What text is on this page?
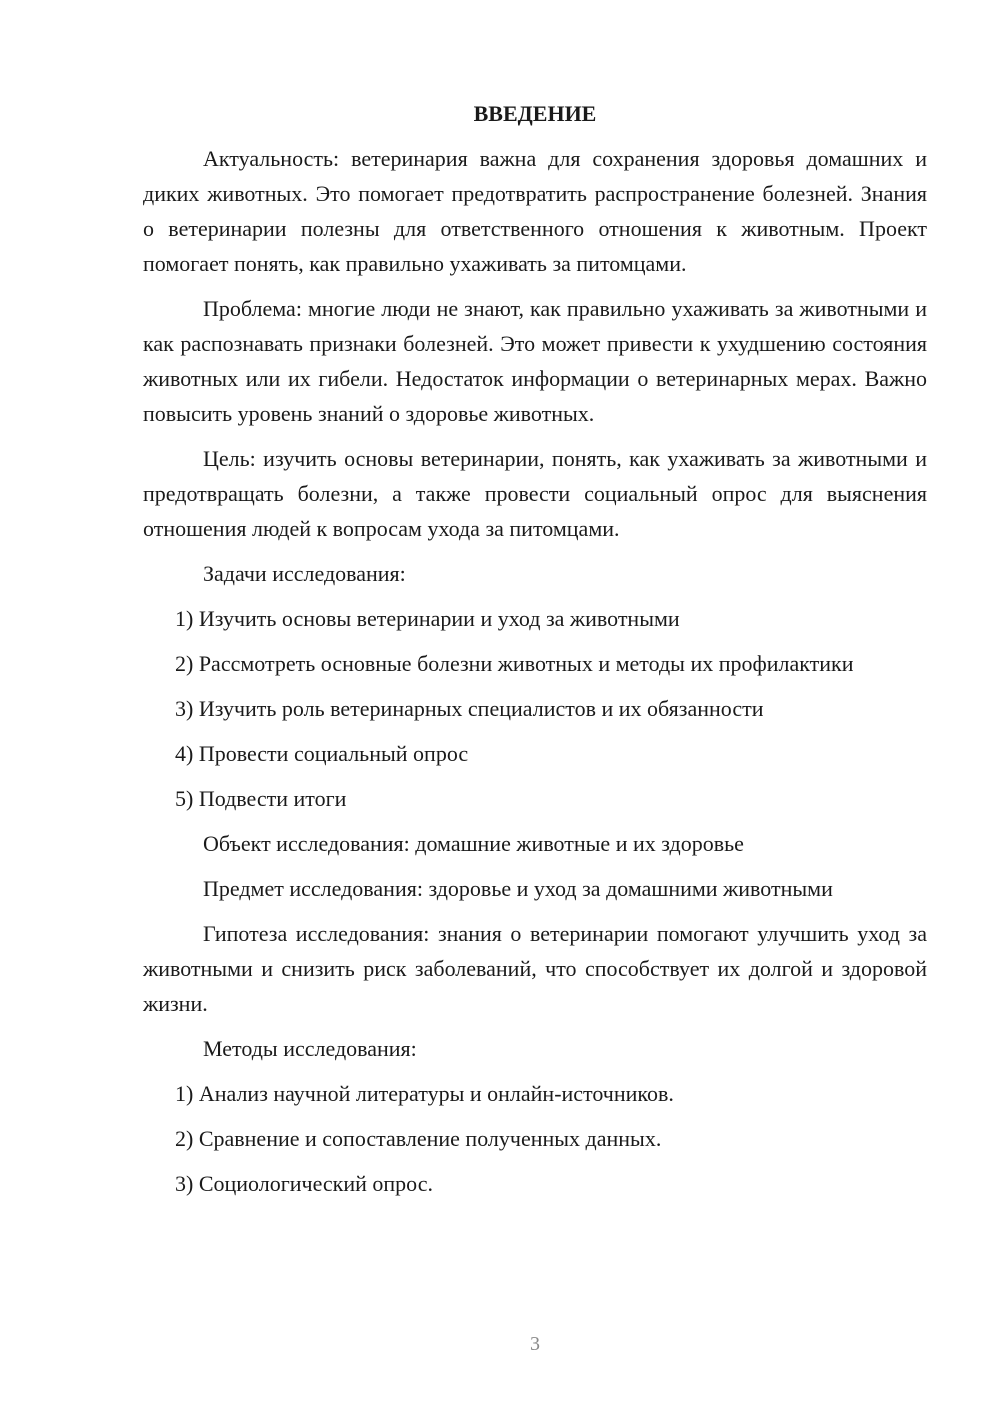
ВВЕДЕНИЕ
Актуальность: ветеринария важна для сохранения здоровья домашних и диких животных. Это помогает предотвратить распространение болезней. Знания о ветеринарии полезны для ответственного отношения к животным. Проект помогает понять, как правильно ухаживать за питомцами.
Проблема: многие люди не знают, как правильно ухаживать за животными и как распознавать признаки болезней. Это может привести к ухудшению состояния животных или их гибели. Недостаток информации о ветеринарных мерах. Важно повысить уровень знаний о здоровье животных.
Цель: изучить основы ветеринарии, понять, как ухаживать за животными и предотвращать болезни, а также провести социальный опрос для выяснения отношения людей к вопросам ухода за питомцами.
Задачи исследования:
1) Изучить основы ветеринарии и уход за животными
2) Рассмотреть основные болезни животных и методы их профилактики
3) Изучить роль ветеринарных специалистов и их обязанности
4) Провести социальный опрос
5) Подвести итоги
Объект исследования: домашние животные и их здоровье
Предмет исследования: здоровье и уход за домашними животными
Гипотеза исследования: знания о ветеринарии помогают улучшить уход за животными и снизить риск заболеваний, что способствует их долгой и здоровой жизни.
Методы исследования:
1) Анализ научной литературы и онлайн-источников.
2) Сравнение и сопоставление полученных данных.
3) Социологический опрос.
3
